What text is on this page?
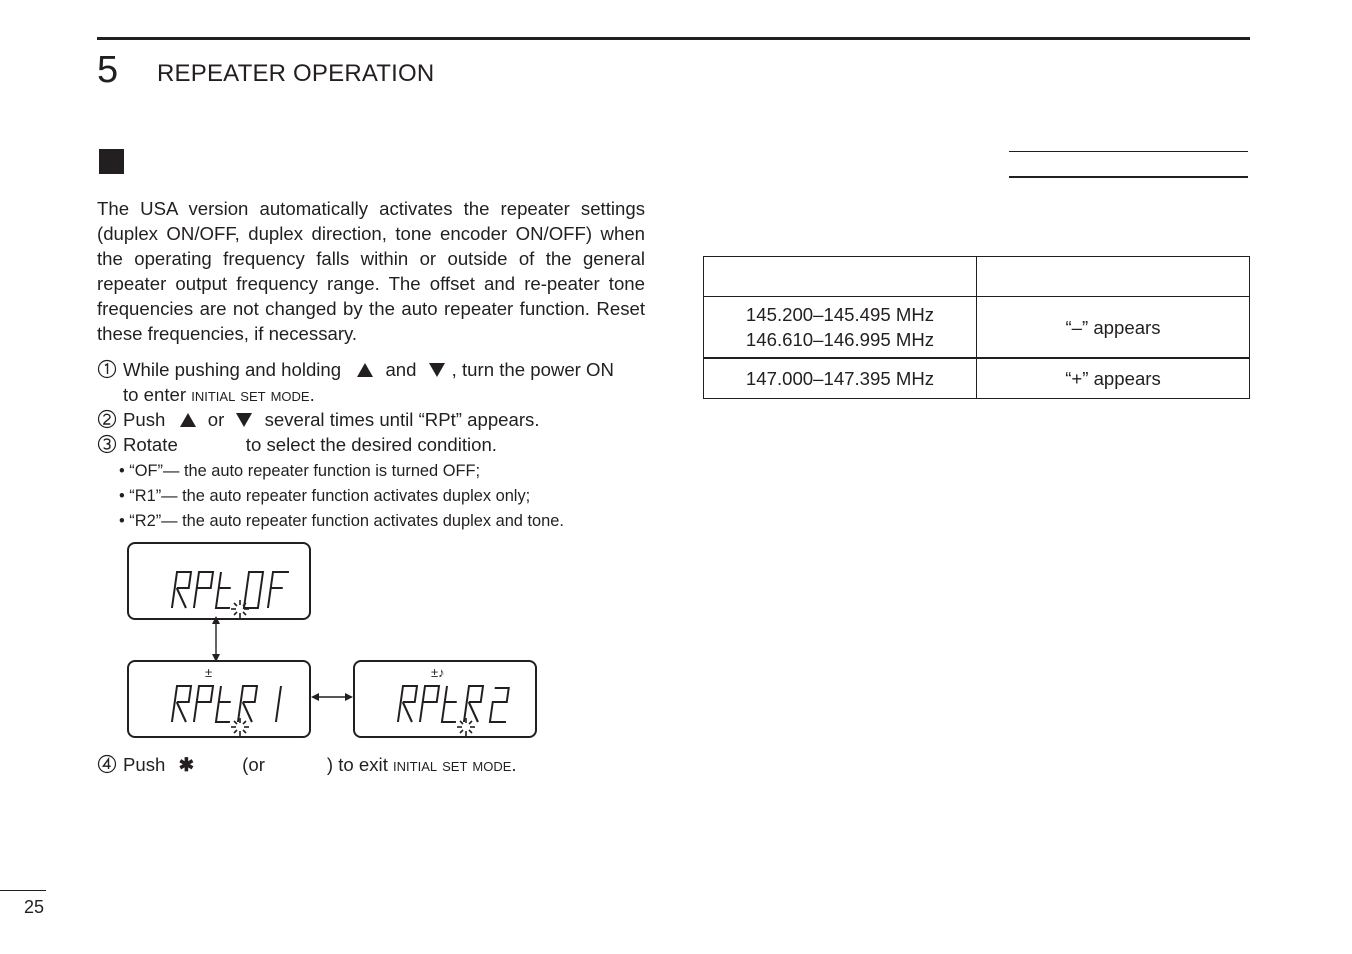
5 REPEATER OPERATION
The USA version automatically activates the repeater settings (duplex ON/OFF, duplex direction, tone encoder ON/OFF) when the operating frequency falls within or outside of the general repeater output frequency range. The offset and re-peater tone frequencies are not changed by the auto repeater function. Reset these frequencies, if necessary.
While pushing and holding and , turn the power ON
to enter initial set mode.
Push or several times until “RPt” appears.
Rotate	to select the desired condition.
• “OF”— the auto repeater function is turned OFF;
• “R1”— the auto repeater function activates duplex only;
• “R2”— the auto repeater function activates duplex and tone.
±	±♪
Push ✱	(or	) to exit initial set mode.

145.200–145.495 MHz
146.610–146.995 MHz	“–” appears
147.000–147.395 MHz	“+” appears
25
